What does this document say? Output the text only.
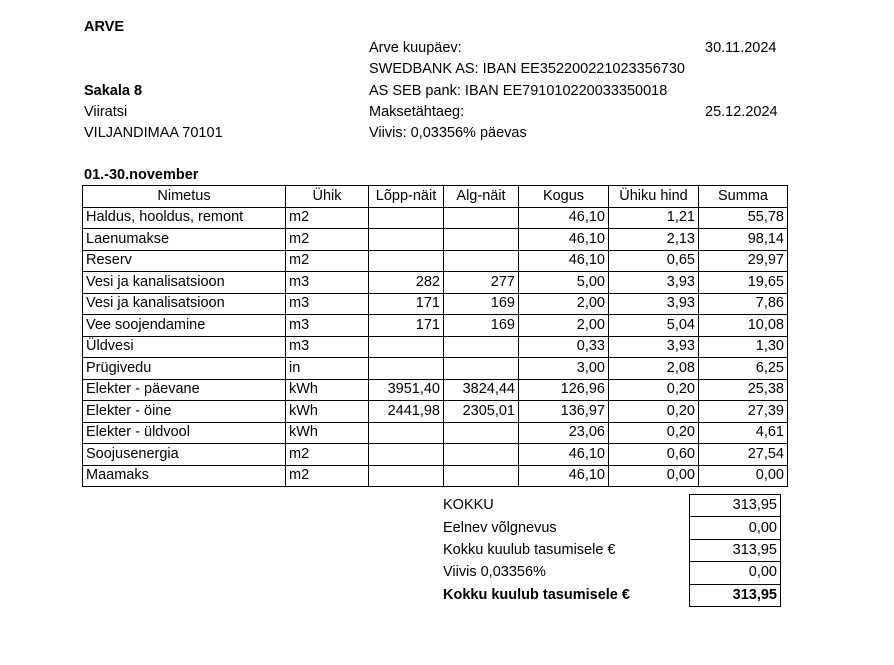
ARVE
Sakala 8
Viiratsi
VILJANDIMAA 70101
Arve kuupäev:	30.11.2024
SWEDBANK AS: IBAN EE352200221023356730
AS SEB pank: IBAN EE791010220033350018
Maksetähtaeg:	25.12.2024
Viivis: 0,03356% päevas
01.-30.november
Nimetus	Ühik	Lõpp-näit	Alg-näit	Kogus	Ühiku hind	Summa
Haldus, hooldus, remont	m2			46,10	1,21	55,78
Laenumakse	m2			46,10	2,13	98,14
Reserv	m2			46,10	0,65	29,97
Vesi ja kanalisatsioon	m3	282	277	5,00	3,93	19,65
Vesi ja kanalisatsioon	m3	171	169	2,00	3,93	7,86
Vee soojendamine	m3	171	169	2,00	5,04	10,08
Üldvesi	m3			0,33	3,93	1,30
Prügivedu	in			3,00	2,08	6,25
Elekter - päevane	kWh	3951,40	3824,44	126,96	0,20	25,38
Elekter - öine	kWh	2441,98	2305,01	136,97	0,20	27,39
Elekter - üldvool	kWh			23,06	0,20	4,61
Soojusenergia	m2			46,10	0,60	27,54
Maamaks	m2			46,10	0,00	0,00
KOKKU	313,95
Eelnev võlgnevus	0,00
Kokku kuulub tasumisele €	313,95
Viivis 0,03356%	0,00
Kokku kuulub tasumisele €	313,95
